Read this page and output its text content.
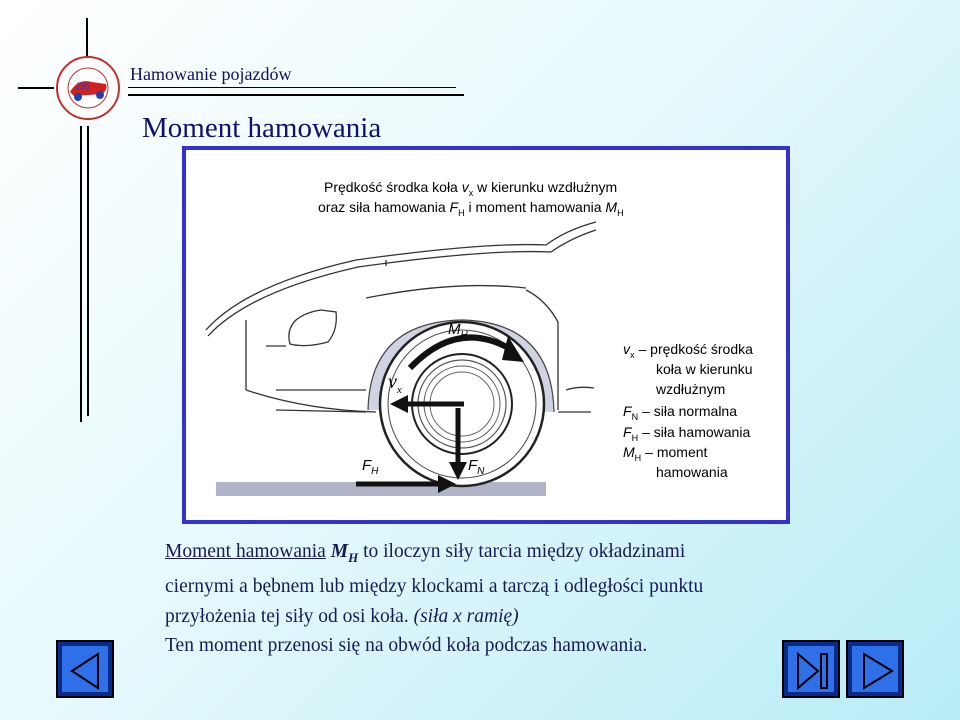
ZSS
Hamowanie pojazdów
Moment hamowania
Prędkość środka koła $v_x$ w kierunku wzdłużnym
oraz siła hamowania $F_H$ i moment hamowania $M_H$
$M_H$
$v_x$
$F_H$	$F_N$
$v_x$ – prędkość środka
koła w kierunku
wzdłużnym
$F_N$ – siła normalna
$F_H$ – siła hamowania
$M_H$ – moment
hamowania
Moment hamowania $M_H$ to iloczyn siły tarcia między okładzinami
ciernymi a bębnem lub między klockami a tarczą i odległości punktu
przyłożenia tej siły od osi koła. (siła x ramię)
Ten moment przenosi się na obwód koła podczas hamowania.
